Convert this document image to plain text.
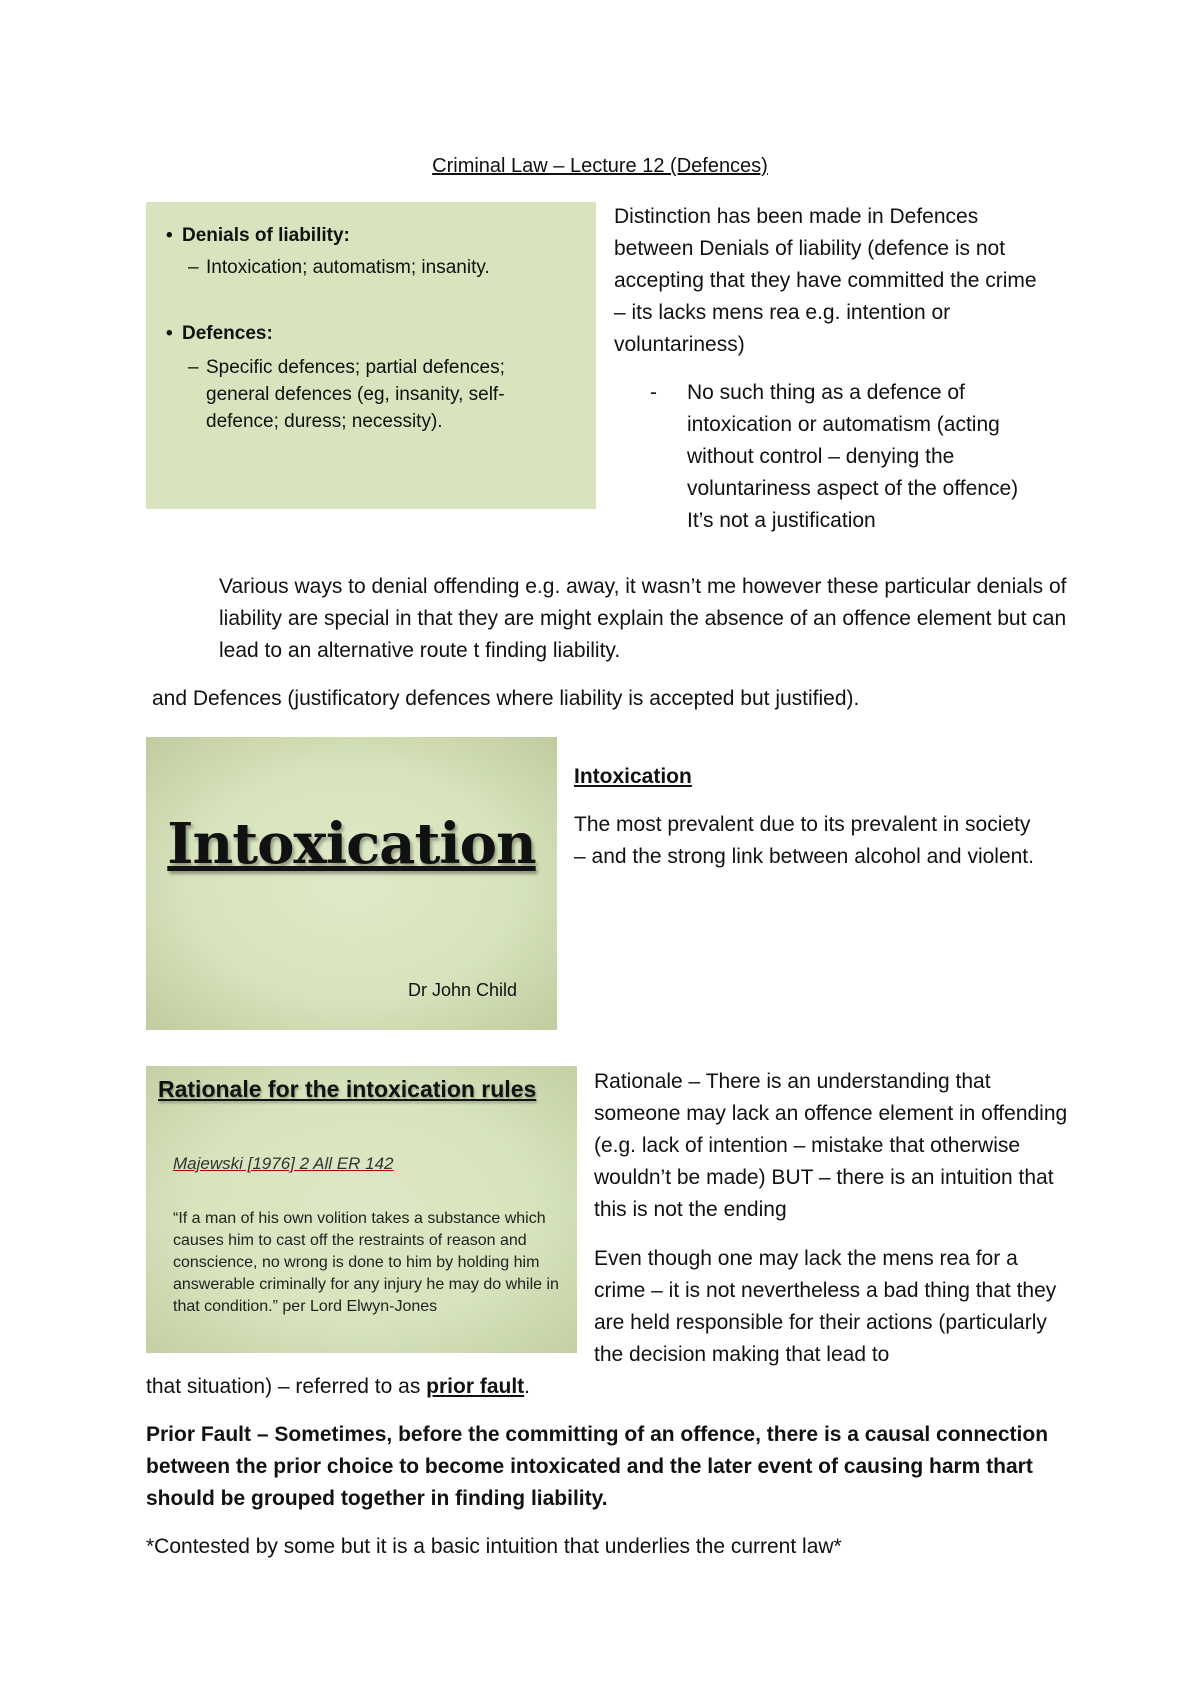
Criminal Law – Lecture 12 (Defences)
• Denials of liability:
– Intoxication; automatism; insanity.
• Defences:
– Specific defences; partial defences; general defences (eg, insanity, self-defence; duress; necessity).
Distinction has been made in Defences between Denials of liability (defence is not accepting that they have committed the crime – its lacks mens rea e.g. intention or voluntariness)
- No such thing as a defence of intoxication or automatism (acting without control – denying the voluntariness aspect of the offence)
It’s not a justification
Various ways to denial offending e.g. away, it wasn’t me however these particular denials of liability are special in that they are might explain the absence of an offence element but can lead to an alternative route t finding liability.
and Defences (justificatory defences where liability is accepted but justified).
Intoxication
Dr John Child
Intoxication
The most prevalent due to its prevalent in society – and the strong link between alcohol and violent.
Rationale for the intoxication rules
Majewski [1976] 2 All ER 142
“If a man of his own volition takes a substance which causes him to cast off the restraints of reason and conscience, no wrong is done to him by holding him answerable criminally for any injury he may do while in that condition.” per Lord Elwyn-Jones
Rationale – There is an understanding that someone may lack an offence element in offending (e.g. lack of intention – mistake that otherwise wouldn’t be made) BUT – there is an intuition that this is not the ending
Even though one may lack the mens rea for a crime – it is not nevertheless a bad thing that they are held responsible for their actions (particularly the decision making that lead to
that situation) – referred to as prior fault.
Prior Fault – Sometimes, before the committing of an offence, there is a causal connection between the prior choice to become intoxicated and the later event of causing harm thart should be grouped together in finding liability.
*Contested by some but it is a basic intuition that underlies the current law*
